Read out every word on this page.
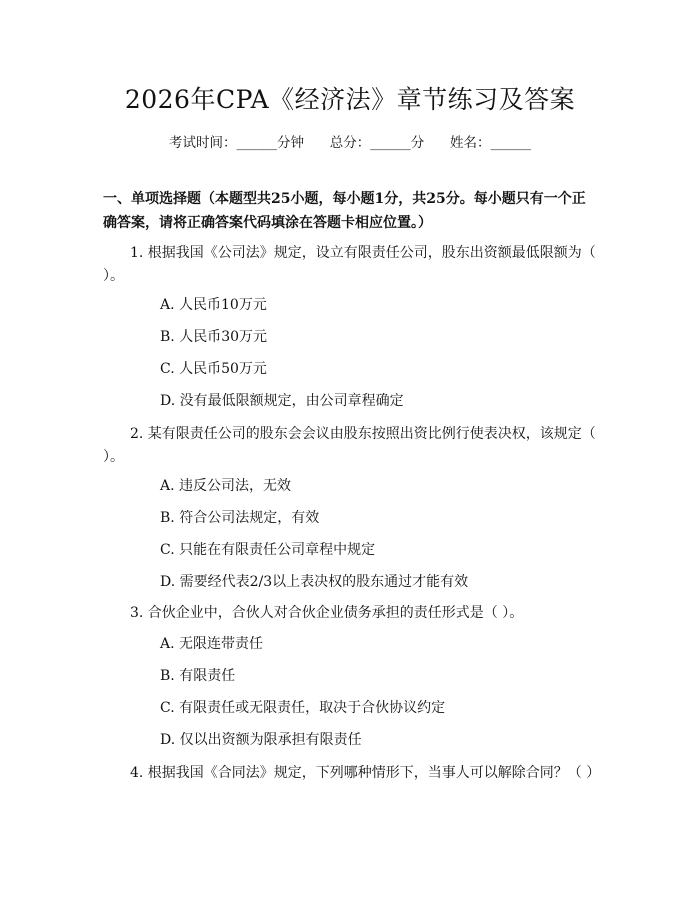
2026年CPA《经济法》章节练习及答案
考试时间：______分钟      总分：______分      姓名：______
一、单项选择题（本题型共25小题，每小题1分，共25分。每小题只有一个正确答案，请将正确答案代码填涂在答题卡相应位置。）
1. 根据我国《公司法》规定，设立有限责任公司，股东出资额最低限额为（ ）。
A. 人民币10万元
B. 人民币30万元
C. 人民币50万元
D. 没有最低限额规定，由公司章程确定
2. 某有限责任公司的股东会会议由股东按照出资比例行使表决权，该规定（ ）。
A. 违反公司法，无效
B. 符合公司法规定，有效
C. 只能在有限责任公司章程中规定
D. 需要经代表2/3以上表决权的股东通过才能有效
3. 合伙企业中，合伙人对合伙企业债务承担的责任形式是（ ）。
A. 无限连带责任
B. 有限责任
C. 有限责任或无限责任，取决于合伙协议约定
D. 仅以出资额为限承担有限责任
4. 根据我国《合同法》规定，下列哪种情形下，当事人可以解除合同？（ ）
